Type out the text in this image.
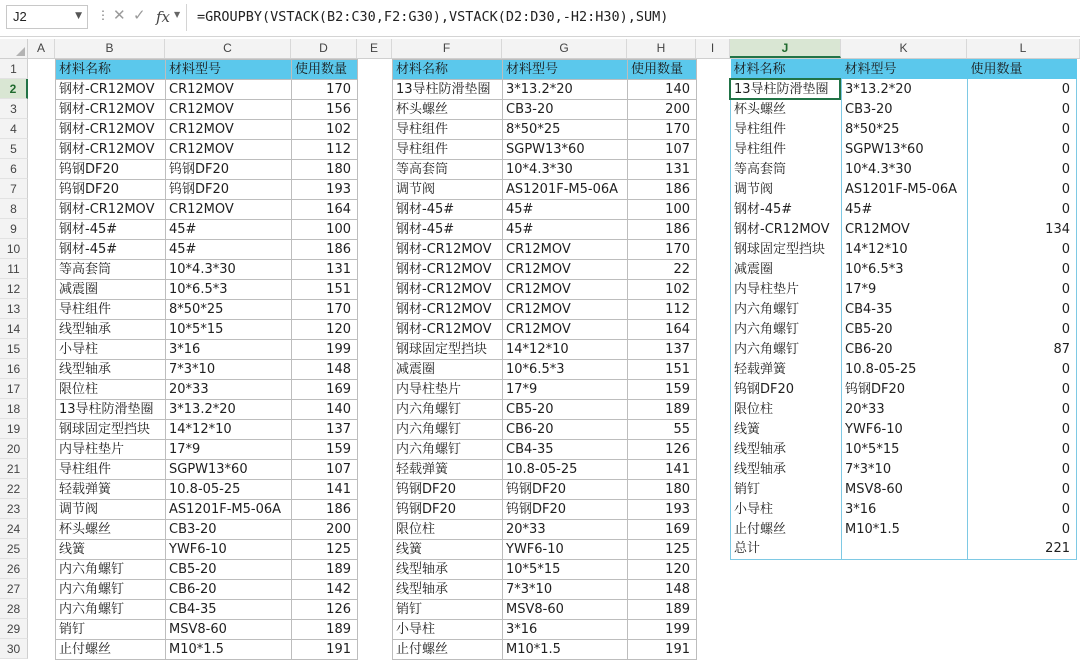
J2	▼ ⋮ ✕ ✓ fx ▼ =GROUPBY(VSTACK(B2:C30,F2:G30),VSTACK(D2:D30,-H2:H30),SUM)
A	B	C	D	E	F	G	H	I	J	K	L
1
2
3
4
5
6
7
8
9
10
11
12
13
14
15
16
17
18
19
20
21
22
23
24
25
26
27
28
29
30
材料名称	材料型号	使用数量
钢材-CR12MOV	CR12MOV	170
钢材-CR12MOV	CR12MOV	156
钢材-CR12MOV	CR12MOV	102
钢材-CR12MOV	CR12MOV	112
钨钢DF20	钨钢DF20	180
钨钢DF20	钨钢DF20	193
钢材-CR12MOV	CR12MOV	164
钢材-45#	45#	100
钢材-45#	45#	186
等高套筒	10*4.3*30	131
减震圈	10*6.5*3	151
导柱组件	8*50*25	170
线型轴承	10*5*15	120
小导柱	3*16	199
线型轴承	7*3*10	148
限位柱	20*33	169
13导柱防滑垫圈	3*13.2*20	140
钢球固定型挡块	14*12*10	137
内导柱垫片	17*9	159
导柱组件	SGPW13*60	107
轻载弹簧	10.8-05-25	141
调节阀	AS1201F-M5-06A	186
杯头螺丝	CB3-20	200
线簧	YWF6-10	125
内六角螺钉	CB5-20	189
内六角螺钉	CB6-20	142
内六角螺钉	CB4-35	126
销钉	MSV8-60	189
止付螺丝	M10*1.5	191
材料名称	材料型号	使用数量
13导柱防滑垫圈	3*13.2*20	140
杯头螺丝	CB3-20	200
导柱组件	8*50*25	170
导柱组件	SGPW13*60	107
等高套筒	10*4.3*30	131
调节阀	AS1201F-M5-06A	186
钢材-45#	45#	100
钢材-45#	45#	186
钢材-CR12MOV	CR12MOV	170
钢材-CR12MOV	CR12MOV	22
钢材-CR12MOV	CR12MOV	102
钢材-CR12MOV	CR12MOV	112
钢材-CR12MOV	CR12MOV	164
钢球固定型挡块	14*12*10	137
减震圈	10*6.5*3	151
内导柱垫片	17*9	159
内六角螺钉	CB5-20	189
内六角螺钉	CB6-20	55
内六角螺钉	CB4-35	126
轻载弹簧	10.8-05-25	141
钨钢DF20	钨钢DF20	180
钨钢DF20	钨钢DF20	193
限位柱	20*33	169
线簧	YWF6-10	125
线型轴承	10*5*15	120
线型轴承	7*3*10	148
销钉	MSV8-60	189
小导柱	3*16	199
止付螺丝	M10*1.5	191
材料名称	材料型号	使用数量
13导柱防滑垫圈	3*13.2*20	0
杯头螺丝	CB3-20	0
导柱组件	8*50*25	0
导柱组件	SGPW13*60	0
等高套筒	10*4.3*30	0
调节阀	AS1201F-M5-06A	0
钢材-45#	45#	0
钢材-CR12MOV	CR12MOV	134
钢球固定型挡块	14*12*10	0
减震圈	10*6.5*3	0
内导柱垫片	17*9	0
内六角螺钉	CB4-35	0
内六角螺钉	CB5-20	0
内六角螺钉	CB6-20	87
轻载弹簧	10.8-05-25	0
钨钢DF20	钨钢DF20	0
限位柱	20*33	0
线簧	YWF6-10	0
线型轴承	10*5*15	0
线型轴承	7*3*10	0
销钉	MSV8-60	0
小导柱	3*16	0
止付螺丝	M10*1.5	0
总计		221
